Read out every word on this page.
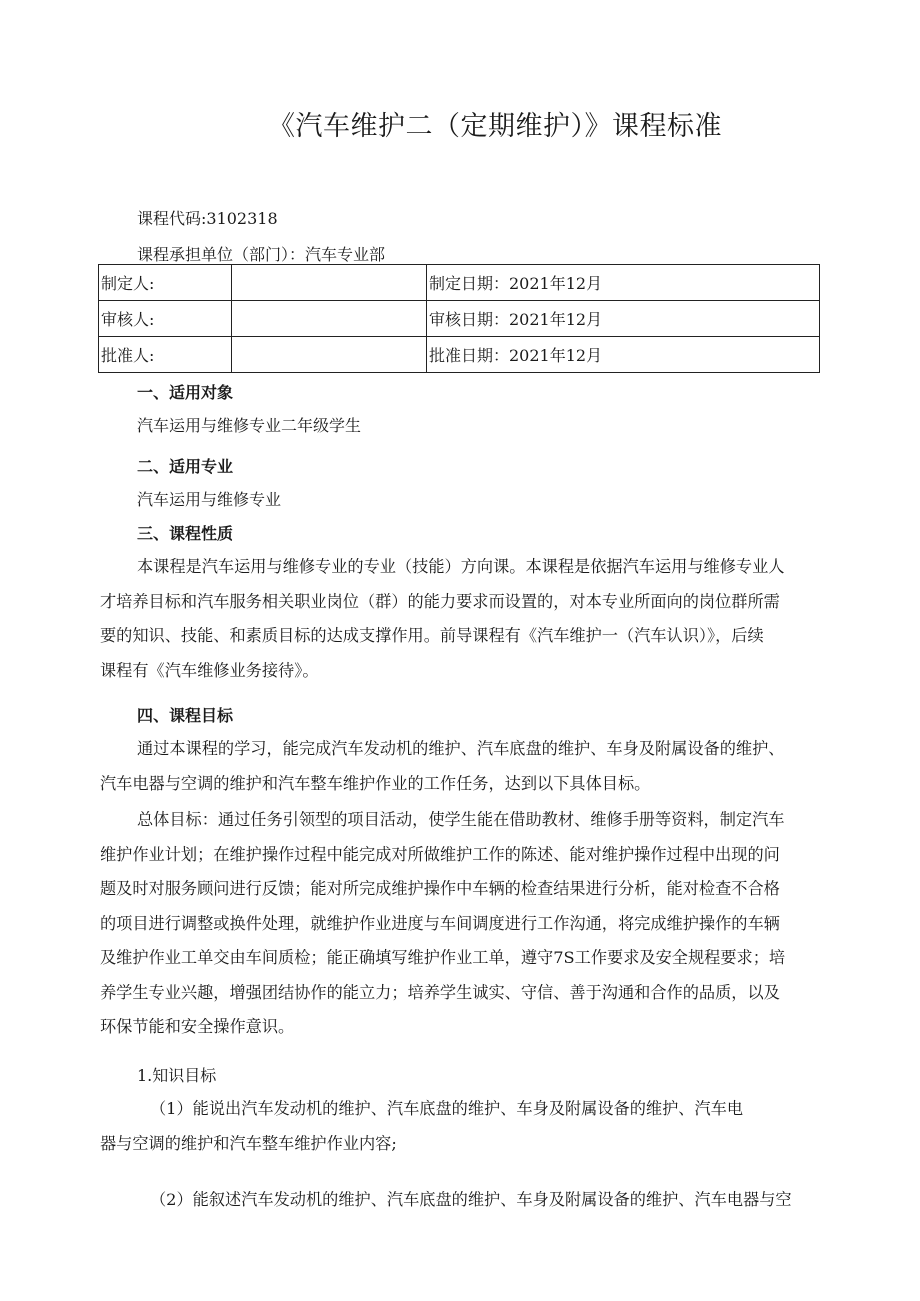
《汽车维护二（定期维护）》课程标准
课程代码:3102318
课程承担单位（部门）：汽车专业部
制定人:		制定日期：2021年12月
审核人:		审核日期：2021年12月
批准人:		批准日期：2021年12月
一、适用对象
汽车运用与维修专业二年级学生
二、适用专业
汽车运用与维修专业
三、课程性质
本课程是汽车运用与维修专业的专业（技能）方向课。本课程是依据汽车运用与维修专业人
才培养目标和汽车服务相关职业岗位（群）的能力要求而设置的，对本专业所面向的岗位群所需
要的知识、技能、和素质目标的达成支撑作用。前导课程有《汽车维护一（汽车认识）》，后续
课程有《汽车维修业务接待》。
四、课程目标
通过本课程的学习，能完成汽车发动机的维护、汽车底盘的维护、车身及附属设备的维护、
汽车电器与空调的维护和汽车整车维护作业的工作任务，达到以下具体目标。
总体目标：通过任务引领型的项目活动，使学生能在借助教材、维修手册等资料，制定汽车
维护作业计划；在维护操作过程中能完成对所做维护工作的陈述、能对维护操作过程中出现的问
题及时对服务顾问进行反馈；能对所完成维护操作中车辆的检查结果进行分析，能对检查不合格
的项目进行调整或换件处理，就维护作业进度与车间调度进行工作沟通，将完成维护操作的车辆
及维护作业工单交由车间质检；能正确填写维护作业工单，遵守7S工作要求及安全规程要求；培
养学生专业兴趣，增强团结协作的能立力；培养学生诚实、守信、善于沟通和合作的品质，以及
环保节能和安全操作意识。
1.知识目标
（1）能说出汽车发动机的维护、汽车底盘的维护、车身及附属设备的维护、汽车电
器与空调的维护和汽车整车维护作业内容;
（2）能叙述汽车发动机的维护、汽车底盘的维护、车身及附属设备的维护、汽车电器与空
